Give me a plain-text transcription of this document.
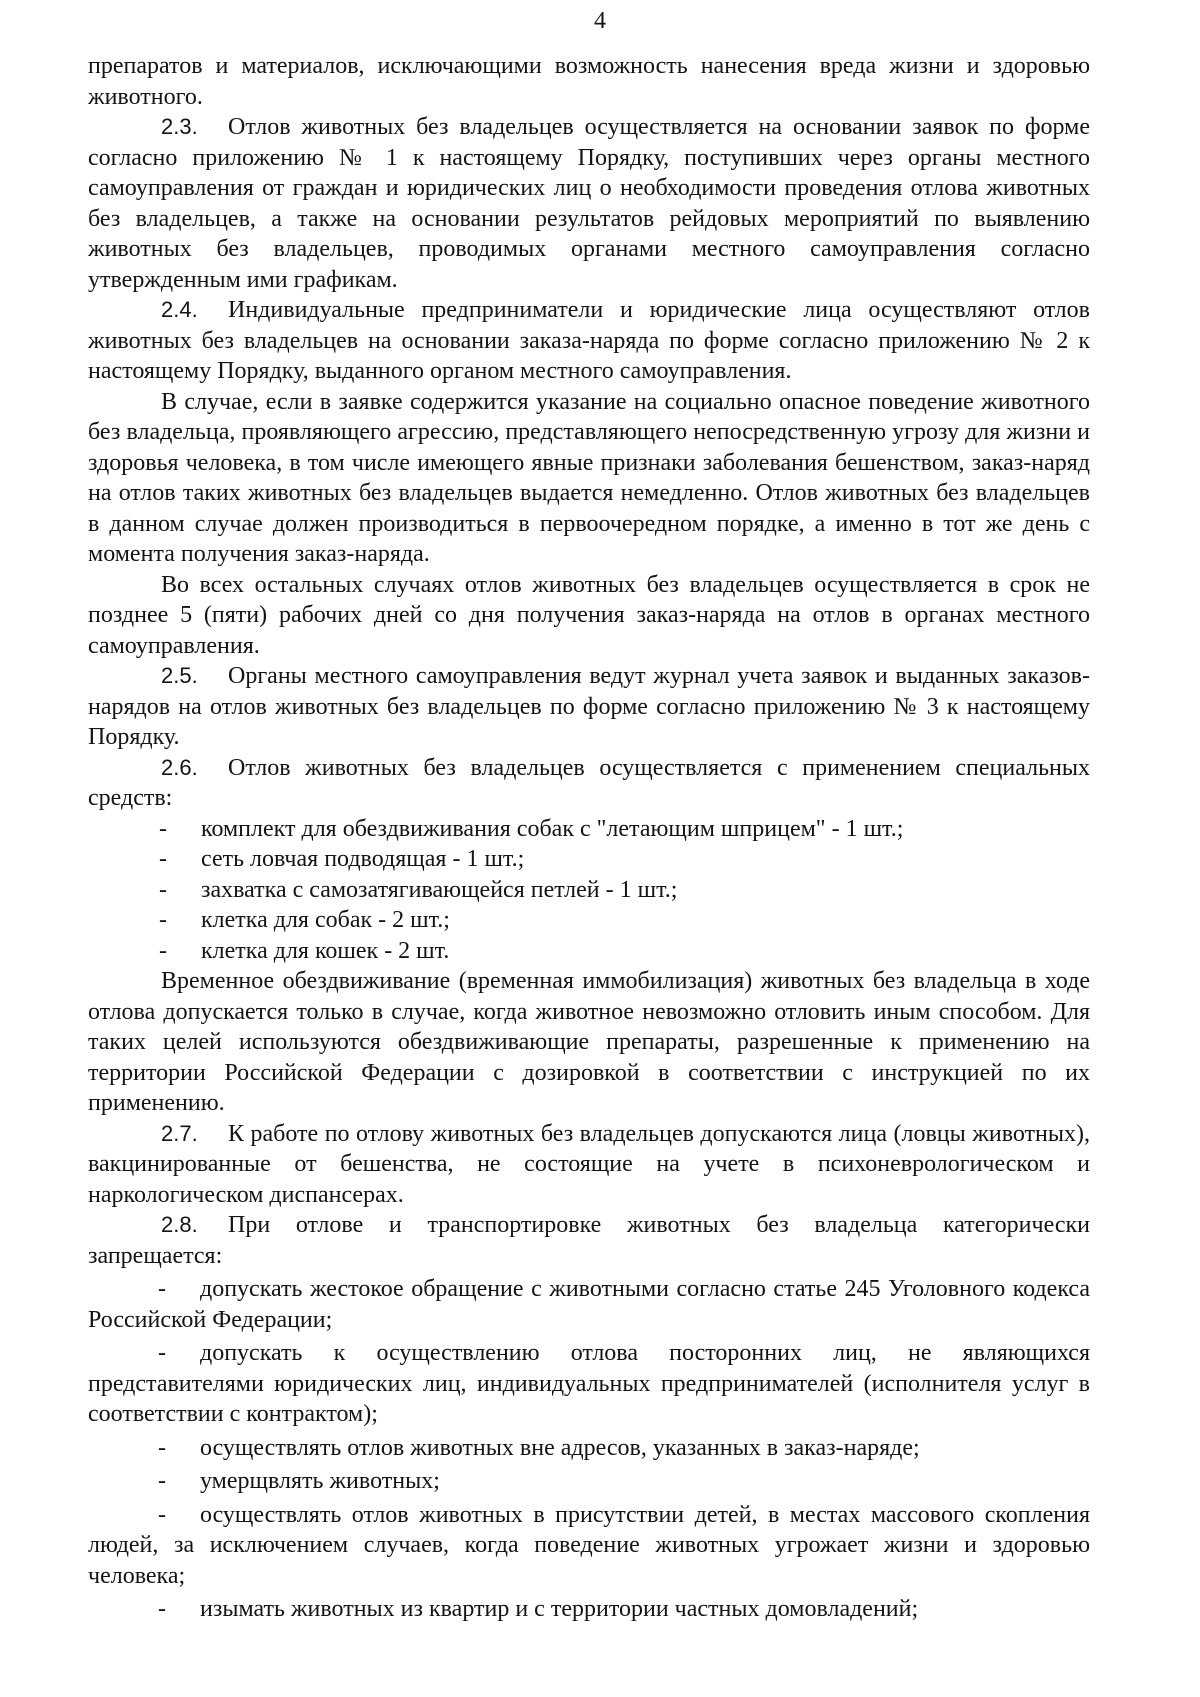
4

препаратов и материалов, исключающими возможность нанесения вреда жизни и здоровью животного.

2.3. Отлов животных без владельцев осуществляется на основании заявок по форме согласно приложению № 1 к настоящему Порядку, поступивших через органы местного самоуправления от граждан и юридических лиц о необходимости проведения отлова животных без владельцев, а также на основании результатов рейдовых мероприятий по выявлению животных без владельцев, проводимых органами местного самоуправления согласно утвержденным ими графикам.

2.4. Индивидуальные предприниматели и юридические лица осуществляют отлов животных без владельцев на основании заказа-наряда по форме согласно приложению № 2 к настоящему Порядку, выданного органом местного самоуправления.

В случае, если в заявке содержится указание на социально опасное поведение животного без владельца, проявляющего агрессию, представляющего непосредственную угрозу для жизни и здоровья человека, в том числе имеющего явные признаки заболевания бешенством, заказ-наряд на отлов таких животных без владельцев выдается немедленно. Отлов животных без владельцев в данном случае должен производиться в первоочередном порядке, а именно в тот же день с момента получения заказ-наряда.

Во всех остальных случаях отлов животных без владельцев осуществляется в срок не позднее 5 (пяти) рабочих дней со дня получения заказ-наряда на отлов в органах местного самоуправления.

2.5. Органы местного самоуправления ведут журнал учета заявок и выданных заказов-нарядов на отлов животных без владельцев по форме согласно приложению № 3 к настоящему Порядку.

2.6. Отлов животных без владельцев осуществляется с применением специальных средств:

- комплект для обездвиживания собак с "летающим шприцем" - 1 шт.;

- сеть ловчая подводящая - 1 шт.;

- захватка с самозатягивающейся петлей - 1 шт.;

- клетка для собак - 2 шт.;

- клетка для кошек - 2 шт.

Временное обездвиживание (временная иммобилизация) животных без владельца в ходе отлова допускается только в случае, когда животное невозможно отловить иным способом. Для таких целей используются обездвиживающие препараты, разрешенные к применению на территории Российской Федерации с дозировкой в соответствии с инструкцией по их применению.

2.7. К работе по отлову животных без владельцев допускаются лица (ловцы животных), вакцинированные от бешенства, не состоящие на учете в психоневрологическом и наркологическом диспансерах.

2.8. При отлове и транспортировке животных без владельца категорически запрещается:

- допускать жестокое обращение с животными согласно статье 245 Уголовного кодекса Российской Федерации;

- допускать к осуществлению отлова посторонних лиц, не являющихся представителями юридических лиц, индивидуальных предпринимателей (исполнителя услуг в соответствии с контрактом);

- осуществлять отлов животных вне адресов, указанных в заказ-наряде;

- умерщвлять животных;

- осуществлять отлов животных в присутствии детей, в местах массового скопления людей, за исключением случаев, когда поведение животных угрожает жизни и здоровью человека;

- изымать животных из квартир и с территории частных домовладений;
